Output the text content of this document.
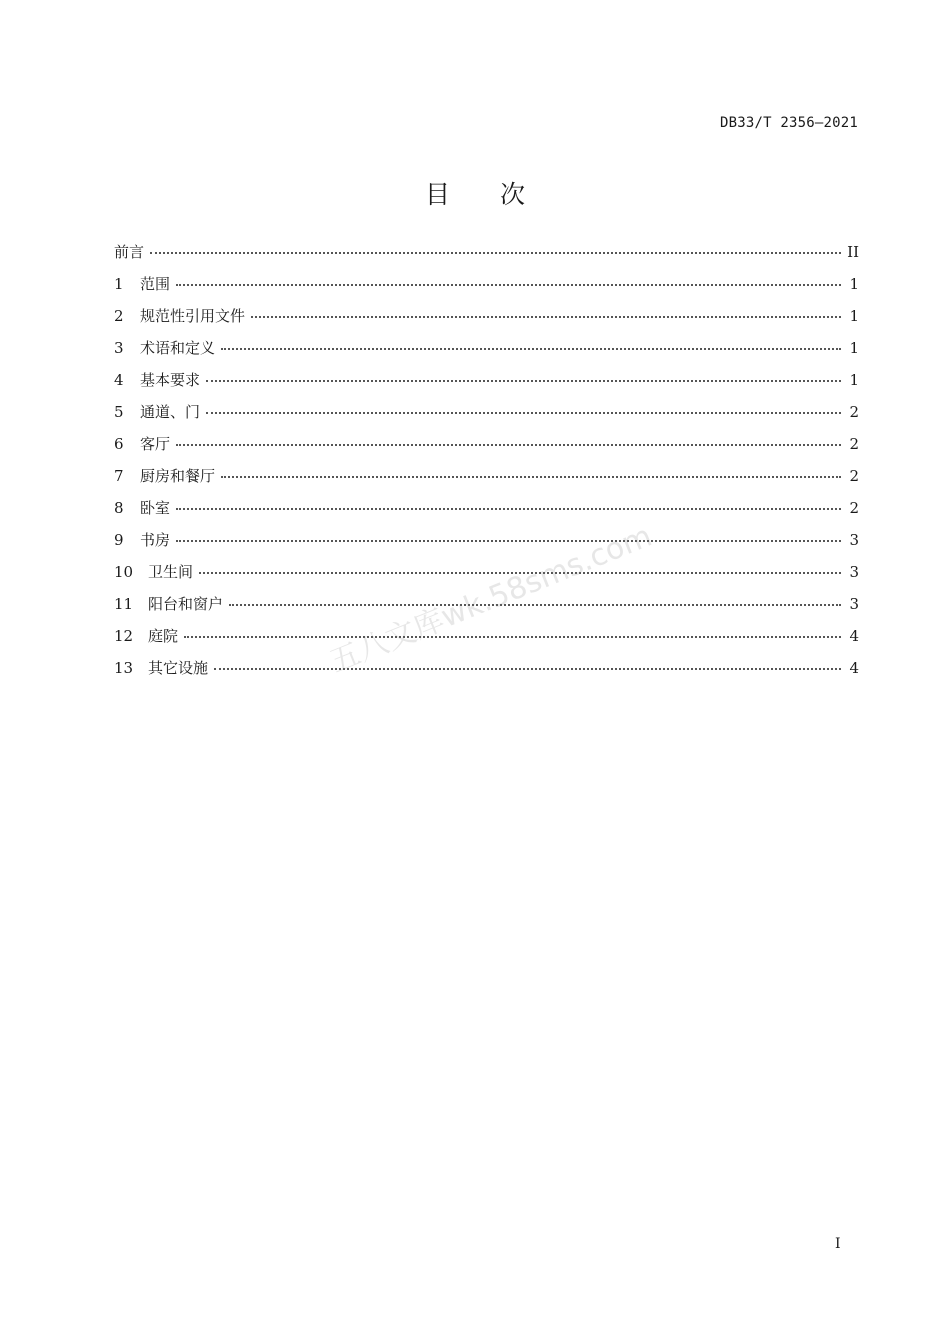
DB33/T 2356—2021
目 次
前言	II
1	范围	1
2	规范性引用文件	1
3	术语和定义	1
4	基本要求	1
5	通道、门	2
6	客厅	2
7	厨房和餐厅	2
8	卧室	2
9	书房	3
10 卫生间	3
11 阳台和窗户	3
12 庭院	4
13 其它设施	4
五八文库wk.58sms.com
I
